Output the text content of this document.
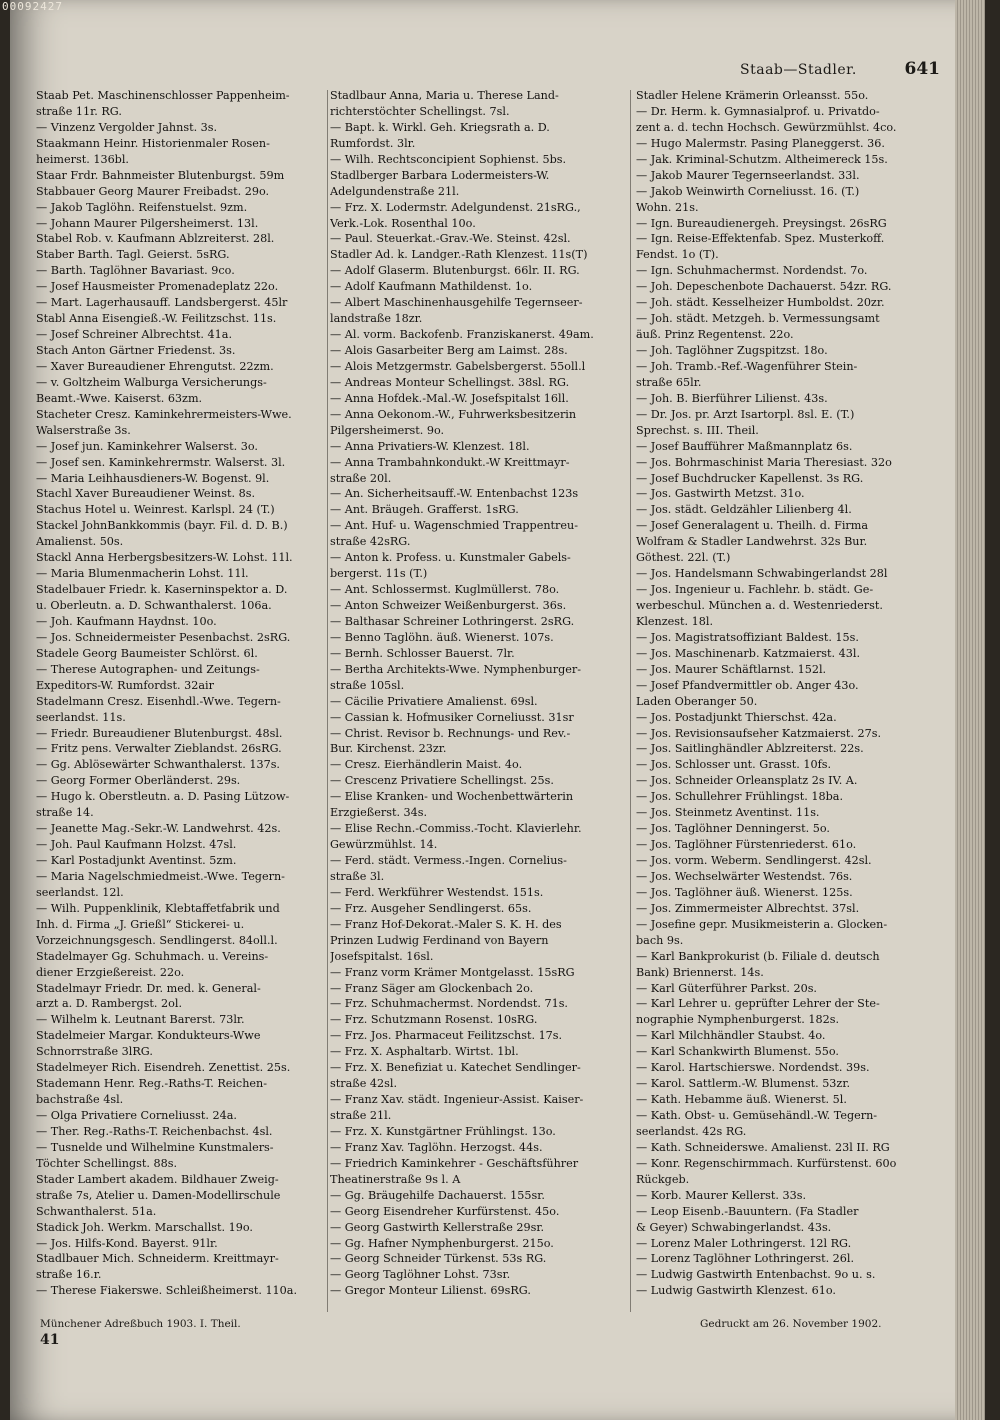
00092427
Staab—Stadler.	641
Staab Pet. Maschinenschlosser Pappenheim-
straße 11r. RG.
— Vinzenz Vergolder Jahnst. 3s.
Staakmann Heinr. Historienmaler Rosen-
heimerst. 136bl.
Staar Frdr. Bahnmeister Blutenburgst. 59m
Stabbauer Georg Maurer Freibadst. 29o.
— Jakob Taglöhn. Reifenstuelst. 9zm.
— Johann Maurer Pilgersheimerst. 13l.
Stabel Rob. v. Kaufmann Ablzreiterst. 28l.
Staber Barth. Tagl. Geierst. 5sRG.
— Barth. Taglöhner Bavariast. 9co.
— Josef Hausmeister Promenadeplatz 22o.
— Mart. Lagerhausauff. Landsbergerst. 45lr
Stabl Anna Eisengieß.-W. Feilitzschst. 11s.
— Josef Schreiner Albrechtst. 41a.
Stach Anton Gärtner Friedenst. 3s.
— Xaver Bureaudiener Ehrengutst. 22zm.
— v. Goltzheim Walburga Versicherungs-
Beamt.-Wwe. Kaiserst. 63zm.
Stacheter Cresz. Kaminkehrermeisters-Wwe.
Walserstraße 3s.
— Josef jun. Kaminkehrer Walserst. 3o.
— Josef sen. Kaminkehrermstr. Walserst. 3l.
— Maria Leihhausdieners-W. Bogenst. 9l.
Stachl Xaver Bureaudiener Weinst. 8s.
Stachus Hotel u. Weinrest. Karlspl. 24 (T.)
Stackel JohnBankkommis (bayr. Fil. d. D. B.)
Amalienst. 50s.
Stackl Anna Herbergsbesitzers-W. Lohst. 11l.
— Maria Blumenmacherin Lohst. 11l.
Stadelbauer Friedr. k. Kaserninspektor a. D.
u. Oberleutn. a. D. Schwanthalerst. 106a.
— Joh. Kaufmann Haydnst. 10o.
— Jos. Schneidermeister Pesenbachst. 2sRG.
Stadele Georg Baumeister Schlörst. 6l.
— Therese Autographen- und Zeitungs-
Expeditors-W. Rumfordst. 32air
Stadelmann Cresz. Eisenhdl.-Wwe. Tegern-
seerlandst. 11s.
— Friedr. Bureaudiener Blutenburgst. 48sl.
— Fritz pens. Verwalter Zieblandst. 26sRG.
— Gg. Ablösewärter Schwanthalerst. 137s.
— Georg Former Oberländerst. 29s.
— Hugo k. Oberstleutn. a. D. Pasing Lützow-
straße 14.
— Jeanette Mag.-Sekr.-W. Landwehrst. 42s.
— Joh. Paul Kaufmann Holzst. 47sl.
— Karl Postadjunkt Aventinst. 5zm.
— Maria Nagelschmiedmeist.-Wwe. Tegern-
seerlandst. 12l.
— Wilh. Puppenklinik, Klebtaffetfabrik und
Inh. d. Firma „J. Grießl“ Stickerei- u.
Vorzeichnungsgesch. Sendlingerst. 84oll.l.
Stadelmayer Gg. Schuhmach. u. Vereins-
diener Erzgießereist. 22o.
Stadelmayr Friedr. Dr. med. k. General-
arzt a. D. Rambergst. 2ol.
— Wilhelm k. Leutnant Barerst. 73lr.
Stadelmeier Margar. Kondukteurs-Wwe
Schnorrstraße 3lRG.
Stadelmeyer Rich. Eisendreh. Zenettist. 25s.
Stademann Henr. Reg.-Raths-T. Reichen-
bachstraße 4sl.
— Olga Privatiere Corneliusst. 24a.
— Ther. Reg.-Raths-T. Reichenbachst. 4sl.
— Tusnelde und Wilhelmine Kunstmalers-
Töchter Schellingst. 88s.
Stader Lambert akadem. Bildhauer Zweig-
straße 7s, Atelier u. Damen-Modellirschule
Schwanthalerst. 51a.
Stadick Joh. Werkm. Marschallst. 19o.
— Jos. Hilfs-Kond. Bayerst. 91lr.
Stadlbauer Mich. Schneiderm. Kreittmayr-
straße 16.r.
— Therese Fiakerswe. Schleißheimerst. 110a.
Stadlbaur Anna, Maria u. Therese Land-
richterstöchter Schellingst. 7sl.
— Bapt. k. Wirkl. Geh. Kriegsrath a. D.
Rumfordst. 3lr.
— Wilh. Rechtsconcipient Sophienst. 5bs.
Stadlberger Barbara Lodermeisters-W.
Adelgundenstraße 21l.
— Frz. X. Lodermstr. Adelgundenst. 21sRG.,
Verk.-Lok. Rosenthal 10o.
— Paul. Steuerkat.-Grav.-We. Steinst. 42sl.
Stadler Ad. k. Landger.-Rath Klenzest. 11s(T)
— Adolf Glaserm. Blutenburgst. 66lr. II. RG.
— Adolf Kaufmann Mathildenst. 1o.
— Albert Maschinenhausgehilfe Tegernseer-
landstraße 18zr.
— Al. vorm. Backofenb. Franziskanerst. 49am.
— Alois Gasarbeiter Berg am Laimst. 28s.
— Alois Metzgermstr. Gabelsbergerst. 55oll.l
— Andreas Monteur Schellingst. 38sl. RG.
— Anna Hofdek.-Mal.-W. Josefspitalst 16ll.
— Anna Oekonom.-W., Fuhrwerksbesitzerin
Pilgersheimerst. 9o.
— Anna Privatiers-W. Klenzest. 18l.
— Anna Trambahnkondukt.-W Kreittmayr-
straße 20l.
— An. Sicherheitsauff.-W. Entenbachst 123s
— Ant. Bräugeh. Grafferst. 1sRG.
— Ant. Huf- u. Wagenschmied Trappentreu-
straße 42sRG.
— Anton k. Profess. u. Kunstmaler Gabels-
bergerst. 11s (T.)
— Ant. Schlossermst. Kuglmüllerst. 78o.
— Anton Schweizer Weißenburgerst. 36s.
— Balthasar Schreiner Lothringerst. 2sRG.
— Benno Taglöhn. äuß. Wienerst. 107s.
— Bernh. Schlosser Bauerst. 7lr.
— Bertha Architekts-Wwe. Nymphenburger-
straße 105sl.
— Cäcilie Privatiere Amalienst. 69sl.
— Cassian k. Hofmusiker Corneliusst. 31sr
— Christ. Revisor b. Rechnungs- und Rev.-
Bur. Kirchenst. 23zr.
— Cresz. Eierhändlerin Maist. 4o.
— Crescenz Privatiere Schellingst. 25s.
— Elise Kranken- und Wochenbettwärterin
Erzgießerst. 34s.
— Elise Rechn.-Commiss.-Tocht. Klavierlehr.
Gewürzmühlst. 14.
— Ferd. städt. Vermess.-Ingen. Cornelius-
straße 3l.
— Ferd. Werkführer Westendst. 151s.
— Frz. Ausgeher Sendlingerst. 65s.
— Franz Hof-Dekorat.-Maler S. K. H. des
Prinzen Ludwig Ferdinand von Bayern
Josefspitalst. 16sl.
— Franz vorm Krämer Montgelasst. 15sRG
— Franz Säger am Glockenbach 2o.
— Frz. Schuhmachermst. Nordendst. 71s.
— Frz. Schutzmann Rosenst. 10sRG.
— Frz. Jos. Pharmaceut Feilitzschst. 17s.
— Frz. X. Asphaltarb. Wirtst. 1bl.
— Frz. X. Benefiziat u. Katechet Sendlinger-
straße 42sl.
— Franz Xav. städt. Ingenieur-Assist. Kaiser-
straße 21l.
— Frz. X. Kunstgärtner Frühlingst. 13o.
— Franz Xav. Taglöhn. Herzogst. 44s.
— Friedrich Kaminkehrer - Geschäftsführer
Theatinerstraße 9s l. A
— Gg. Bräugehilfe Dachauerst. 155sr.
— Georg Eisendreher Kurfürstenst. 45o.
— Georg Gastwirth Kellerstraße 29sr.
— Gg. Hafner Nymphenburgerst. 215o.
— Georg Schneider Türkenst. 53s RG.
— Georg Taglöhner Lohst. 73sr.
— Gregor Monteur Lilienst. 69sRG.
Stadler Helene Krämerin Orleansst. 55o.
— Dr. Herm. k. Gymnasialprof. u. Privatdo-
zent a. d. techn Hochsch. Gewürzmühlst. 4co.
— Hugo Malermstr. Pasing Planeggerst. 36.
— Jak. Kriminal-Schutzm. Altheimereck 15s.
— Jakob Maurer Tegernseerlandst. 33l.
— Jakob Weinwirth Corneliusst. 16. (T.)
Wohn. 21s.
— Ign. Bureaudienergeh. Preysingst. 26sRG
— Ign. Reise-Effektenfab. Spez. Musterkoff.
Fendst. 1o (T).
— Ign. Schuhmachermst. Nordendst. 7o.
— Joh. Depeschenbote Dachauerst. 54zr. RG.
— Joh. städt. Kesselheizer Humboldst. 20zr.
— Joh. städt. Metzgeh. b. Vermessungsamt
äuß. Prinz Regentenst. 22o.
— Joh. Taglöhner Zugspitzst. 18o.
— Joh. Tramb.-Ref.-Wagenführer Stein-
straße 65lr.
— Joh. B. Bierführer Lilienst. 43s.
— Dr. Jos. pr. Arzt Isartorpl. 8sl. E. (T.)
Sprechst. s. III. Theil.
— Josef Baufführer Maßmannplatz 6s.
— Jos. Bohrmaschinist Maria Theresiast. 32o
— Josef Buchdrucker Kapellenst. 3s RG.
— Jos. Gastwirth Metzst. 31o.
— Jos. städt. Geldzähler Lilienberg 4l.
— Josef Generalagent u. Theilh. d. Firma
Wolfram & Stadler Landwehrst. 32s Bur.
Göthest. 22l. (T.)
— Jos. Handelsmann Schwabingerlandst 28l
— Jos. Ingenieur u. Fachlehr. b. städt. Ge-
werbeschul. München a. d. Westenriederst.
Klenzest. 18l.
— Jos. Magistratsoffiziant Baldest. 15s.
— Jos. Maschinenarb. Katzmaierst. 43l.
— Jos. Maurer Schäftlarnst. 152l.
— Josef Pfandvermittler ob. Anger 43o.
Laden Oberanger 50.
— Jos. Postadjunkt Thierschst. 42a.
— Jos. Revisionsaufseher Katzmaierst. 27s.
— Jos. Saitlinghändler Ablzreiterst. 22s.
— Jos. Schlosser unt. Grasst. 10fs.
— Jos. Schneider Orleansplatz 2s IV. A.
— Jos. Schullehrer Frühlingst. 18ba.
— Jos. Steinmetz Aventinst. 11s.
— Jos. Taglöhner Denningerst. 5o.
— Jos. Taglöhner Fürstenriederst. 61o.
— Jos. vorm. Weberm. Sendlingerst. 42sl.
— Jos. Wechselwärter Westendst. 76s.
— Jos. Taglöhner äuß. Wienerst. 125s.
— Jos. Zimmermeister Albrechtst. 37sl.
— Josefine gepr. Musikmeisterin a. Glocken-
bach 9s.
— Karl Bankprokurist (b. Filiale d. deutsch
Bank) Briennerst. 14s.
— Karl Güterführer Parkst. 20s.
— Karl Lehrer u. geprüfter Lehrer der Ste-
nographie Nymphenburgerst. 182s.
— Karl Milchhändler Staubst. 4o.
— Karl Schankwirth Blumenst. 55o.
— Karol. Hartschierswe. Nordendst. 39s.
— Karol. Sattlerm.-W. Blumenst. 53zr.
— Kath. Hebamme äuß. Wienerst. 5l.
— Kath. Obst- u. Gemüsehändl.-W. Tegern-
seerlandst. 42s RG.
— Kath. Schneiderswe. Amalienst. 23l II. RG
— Konr. Regenschirmmach. Kurfürstenst. 60o
Rückgeb.
— Korb. Maurer Kellerst. 33s.
— Leop Eisenb.-Bauuntern. (Fa Stadler
& Geyer) Schwabingerlandst. 43s.
— Lorenz Maler Lothringerst. 12l RG.
— Lorenz Taglöhner Lothringerst. 26l.
— Ludwig Gastwirth Entenbachst. 9o u. s.
— Ludwig Gastwirth Klenzest. 61o.
Münchener Adreßbuch 1903. I. Theil.
41
Gedruckt am 26. November 1902.
